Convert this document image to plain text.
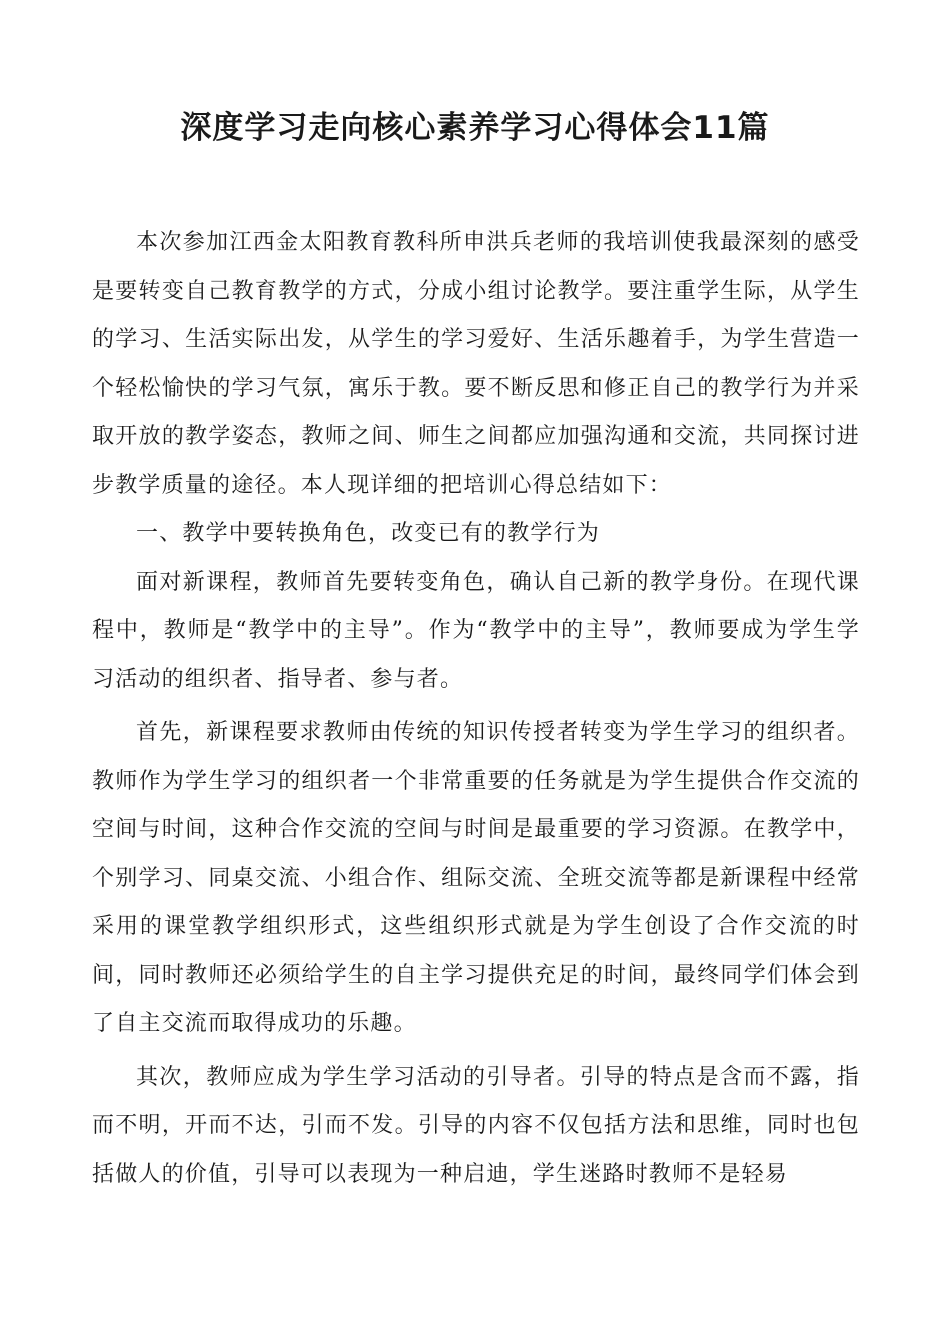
深度学习走向核心素养学习心得体会11篇

本次参加江西金太阳教育教科所申洪兵老师的我培训使我最深刻的感受是要转变自己教育教学的方式，分成小组讨论教学。要注重学生际，从学生的学习、生活实际出发，从学生的学习爱好、生活乐趣着手，为学生营造一个轻松愉快的学习气氛，寓乐于教。要不断反思和修正自己的教学行为并采取开放的教学姿态，教师之间、师生之间都应加强沟通和交流，共同探讨进步教学质量的途径。本人现详细的把培训心得总结如下：

一、教学中要转换角色，改变已有的教学行为

面对新课程，教师首先要转变角色，确认自己新的教学身份。在现代课程中，教师是“教学中的主导”。作为“教学中的主导”，教师要成为学生学习活动的组织者、指导者、参与者。

首先，新课程要求教师由传统的知识传授者转变为学生学习的组织者。教师作为学生学习的组织者一个非常重要的任务就是为学生提供合作交流的空间与时间，这种合作交流的空间与时间是最重要的学习资源。在教学中，个别学习、同桌交流、小组合作、组际交流、全班交流等都是新课程中经常采用的课堂教学组织形式，这些组织形式就是为学生创设了合作交流的时间，同时教师还必须给学生的自主学习提供充足的时间，最终同学们体会到了自主交流而取得成功的乐趣。

其次，教师应成为学生学习活动的引导者。引导的特点是含而不露，指而不明，开而不达，引而不发。引导的内容不仅包括方法和思维，同时也包括做人的价值，引导可以表现为一种启迪，学生迷路时教师不是轻易
